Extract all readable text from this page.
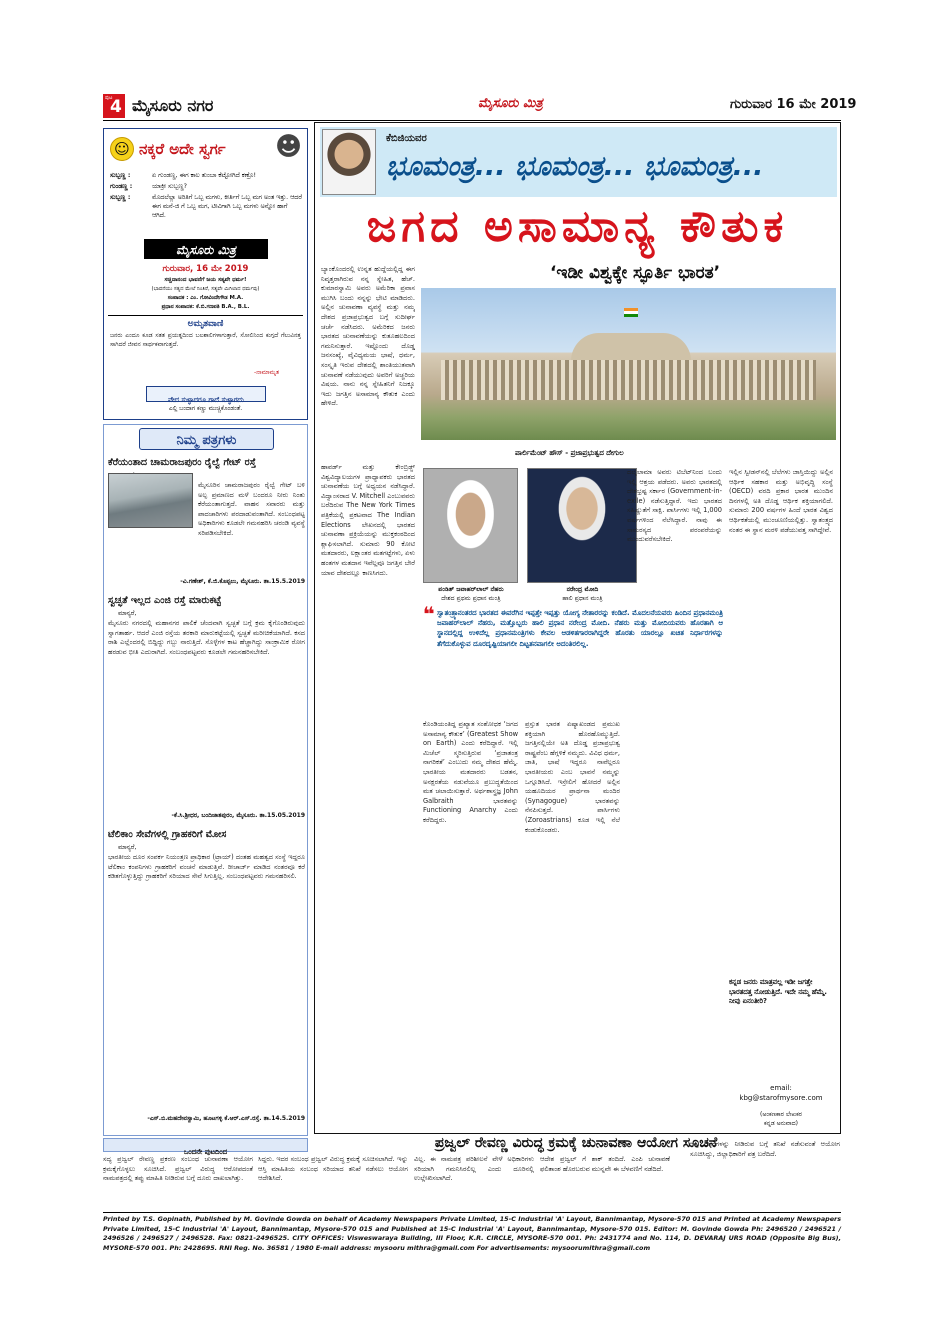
ಪುಟ
4 ಮೈಸೂರು ನಗರ	ಮೈಸೂರು ಮಿತ್ರ	ಗುರುವಾರ 16 ಮೇ 2019
☺ ನಕ್ಕರೆ ಅದೇ ಸ್ವರ್ಗ ☻
ಸುಬ್ಬಣ್ಣ :	ಏ ಗುಂಡಣ್ಣ, ಈಗ ಕಾಲ ತುಂಬಾ ಕೆಟ್ಟೋಗಿದೆ ಕಣ್ರೊ!
ಗುಂಡಣ್ಣ :	ಯಾಕ್ರೀ ಸುಬ್ಬಣ್ಣ?
ಸುಬ್ಬಣ್ಣ :	ಮೊದಲೆಲ್ಲಾ ಅರಿತಿಗೆ ಒಬ್ಬ ಮಗಳು, ಕೀರ್ತಿಗೆ ಒಬ್ಬ ಮಗ ಅಂತ ಇತ್ತು. ಆದರೆ ಈಗ ಮನೆ-ಜಿ ಗೆ ಒಬ್ಬ ಮಗ, ಟೀವಿಗಾಗಿ ಒಬ್ಬ ಮಗಳು ಅನ್ನೋ ಹಾಗೆ ಆಗಿದೆ.
ಮೈಸೂರು ಮಿತ್ರ
ಗುರುವಾರ, 16 ಮೇ 2019
ಸಚ್ಚಿದಾನಂದ ಭಾವನೆಗೆ ಜಯ ಸತ್ಯವೇ ಧರ್ಮ!
(ಭಾವನೆಯು ಸತ್ಯದ ಮೇಲೆ ನಿಂತಿರೆ, ಸತ್ಯವೇ ಮಿಗಿಲಾದ ಧರ್ಮವು)
ಸಂಪಾದಕ : ಎಂ. ಗೋವಿಂದೇಗೌಡ M.A.
ಪ್ರಧಾನ ಸಂಪಾದಕ: ಕೆ.ಬಿ.ಗಣಪತಿ B.A., B.L.
ಅಮೃತವಾಣಿ
ಜನರು ಎಂದೂ ಕೂಡ ಸತತ ಪ್ರಯತ್ನದಿಂದ ಬಲಶಾಲಿಗಳಾಗುತ್ತಾರೆ, ಸೋಲಿನಿಂದ ಕುಗ್ಗದೆ ಗೆಲುವಿನತ್ತ ಸಾಗಿದರೆ ಜೀವನ ಸಾರ್ಥಕವಾಗುತ್ತದೆ.
-ನಾಮಾಮೃತ
ವೇದ ಸುಳ್ಳಾದರೂ ಗಾದೆ ಸುಳ್ಳಾಗದು
ಎಲ್ಲಿ ಬಂದಾಗ ಕಣ್ಣು ಮುಚ್ಚಿಕೊಂಡಂತೆ.
ನಿಮ್ಮ ಪತ್ರಗಳು
ಕೆರೆಯಂತಾದ ಚಾಮರಾಜಪುರಂ ರೈಲ್ವೆ ಗೇಟ್ ರಸ್ತೆ
ಮೈಸೂರಿನ ಚಾಮರಾಜಪುರಂ ರೈಲ್ವೆ ಗೇಟ್ ಬಳಿ ಅಲ್ಪ ಪ್ರಮಾಣದ ಮಳೆ ಬಂದರೂ ನೀರು ನಿಂತು ಕೆರೆಯಂತಾಗುತ್ತದೆ. ವಾಹನ ಸವಾರರು ಮತ್ತು ಪಾದಚಾರಿಗಳು ಪರದಾಡುವಂತಾಗಿದೆ. ಸಂಬಂಧಪಟ್ಟ ಅಧಿಕಾರಿಗಳು ಕೂಡಲೇ ಗಮನಹರಿಸಿ ಚರಂಡಿ ವ್ಯವಸ್ಥೆ ಸರಿಪಡಿಸಬೇಕಿದೆ.
-ವಿ.ಗಣೇಶ್, ಕೆ.ಜಿ.ಕೊಪ್ಪಲು, ಮೈಸೂರು. ತಾ.15.5.2019
ಸ್ವಚ್ಛತೆ ಇಲ್ಲದ ಎಂಜಿ ರಸ್ತೆ ಮಾರುಕಟ್ಟೆ
ಮಾನ್ಯರೆ,
ಮೈಸೂರು ನಗರದಲ್ಲಿ ಮಹಾನಗರ ಪಾಲಿಕೆ ಚೆಂದವಾಗಿ ಸ್ವಚ್ಛತೆ ಬಗ್ಗೆ ಕ್ರಮ ಕೈಗೊಂಡಿರುವುದು ಸ್ವಾಗತಾರ್ಹ. ಆದರೆ ಎಂಜಿ ರಸ್ತೆಯ ತರಕಾರಿ ಮಾರುಕಟ್ಟೆಯಲ್ಲಿ ಸ್ವಚ್ಛತೆ ಮರೀಚಿಕೆಯಾಗಿದೆ. ಕಸದ ರಾಶಿ ಎಲ್ಲೆಂದರಲ್ಲಿ ಬಿದ್ದಿದ್ದು ಗಬ್ಬು ನಾರುತ್ತಿದೆ. ಸೊಳ್ಳೆಗಳ ಕಾಟ ಹೆಚ್ಚಾಗಿದ್ದು ಸಾಂಕ್ರಾಮಿಕ ರೋಗ ಹರಡುವ ಭೀತಿ ಎದುರಾಗಿದೆ. ಸಂಬಂಧಪಟ್ಟವರು ಕೂಡಲೇ ಗಮನಹರಿಸಬೇಕಿದೆ.
-ಕೆ.ಸಿ.ಶ್ರೀಧರ, ಬಂದಿಜಾತಪುರಂ, ಮೈಸೂರು. ತಾ.15.05.2019
ಟೆಲಿಕಾಂ ಸೇವೆಗಳಲ್ಲಿ ಗ್ರಾಹಕರಿಗೆ ಮೋಸ
ಮಾನ್ಯರೆ,
ಭಾರತೀಯ ದೂರ ಸಂಪರ್ಕ ನಿಯಂತ್ರಣ ಪ್ರಾಧಿಕಾರ (ಟ್ರಾಯ್) ದಂತಹ ಮಹತ್ವದ ಸಂಸ್ಥೆ ಇದ್ದರೂ ಟೆಲಿಕಾಂ ಕಂಪನಿಗಳು ಗ್ರಾಹಕರಿಗೆ ವಂಚನೆ ಮಾಡುತ್ತಿವೆ. ರೀಚಾರ್ಜ್ ಮಾಡಿದ ನಂತರವೂ ಕರೆ ಕಡಿತಗೊಳ್ಳುತ್ತಿದ್ದು ಗ್ರಾಹಕರಿಗೆ ಸರಿಯಾದ ಸೇವೆ ಸಿಗುತ್ತಿಲ್ಲ. ಸಂಬಂಧಪಟ್ಟವರು ಗಮನಹರಿಸಲಿ.
-ಎಸ್.ಬಿ.ಮಹದೇವಸ್ವಾಮಿ, ಹೂಟಗಳ್ಳಿ ಕೆ.ಆರ್.ಎಸ್.ರಸ್ತೆ. ತಾ.14.5.2019
ಕೆಬಿಜಿಯವರ
ಭೂಮಂತ್ರ... ಭೂಮಂತ್ರ... ಭೂಮಂತ್ರ...
ಜಗದ ಅಸಾಮಾನ್ಯ ಕೌತುಕ
‘ಇಡೀ ವಿಶ್ವಕ್ಕೇ ಸ್ಫೂರ್ತಿ ಭಾರತ’
ಬ್ಯಾಂಕೊಂದರಲ್ಲಿ ಉನ್ನತ ಹುದ್ದೆಯಲ್ಲಿದ್ದ ಈಗ ನಿವೃತ್ತರಾಗಿರುವ ನನ್ನ ಸ್ನೇಹಿತ, ಹೆಚ್. ಕುಮಾರಸ್ವಾಮಿ ಅವರು ಅಮೆರಿಕಾ ಪ್ರವಾಸ ಮುಗಿಸಿ ಬಂದು ನನ್ನನ್ನು ಭೇಟಿ ಮಾಡಿದರು. ಅಲ್ಲಿನ ಚುನಾವಣಾ ವ್ಯವಸ್ಥೆ ಮತ್ತು ನಮ್ಮ ದೇಶದ ಪ್ರಜಾಪ್ರಭುತ್ವದ ಬಗ್ಗೆ ಸುದೀರ್ಘ ಚರ್ಚೆ ನಡೆಸಿದರು. ಅಮೆರಿಕದ ಜನರು ಭಾರತದ ಚುನಾವಣೆಯನ್ನು ಕುತೂಹಲದಿಂದ ಗಮನಿಸುತ್ತಾರೆ. ಇಷ್ಟೊಂದು ದೊಡ್ಡ ಜನಸಂಖ್ಯೆ, ವೈವಿಧ್ಯಮಯ ಭಾಷೆ, ಧರ್ಮ, ಸಂಸ್ಕೃತಿ ಇರುವ ದೇಶದಲ್ಲಿ ಶಾಂತಿಯುತವಾಗಿ ಚುನಾವಣೆ ನಡೆಯುವುದು ಅವರಿಗೆ ಅಚ್ಚರಿಯ ವಿಷಯ. ನಾನು ನನ್ನ ಸ್ನೇಹಿತನಿಗೆ ನಿಜಕ್ಕೂ ಇದು ಜಗತ್ತಿನ ಅಸಾಮಾನ್ಯ ಕೌತುಕ ಎಂದು ಹೇಳಿದೆ.
ಪಾರ್ಲಿಮೆಂಟ್ ಹೌಸ್ - ಪ್ರಜಾಪ್ರಭುತ್ವದ ದೇಗುಲ
ಹಾವರ್ಡ್ ಮತ್ತು ಕೇಂಬ್ರಿಡ್ಜ್ ವಿಶ್ವವಿದ್ಯಾಲಯಗಳ ಪ್ರಾಧ್ಯಾಪಕರು ಭಾರತದ ಚುನಾವಣೆಯ ಬಗ್ಗೆ ಅಧ್ಯಯನ ನಡೆಸಿದ್ದಾರೆ. ವಿದ್ವಾಂಸರಾದ V. Mitchell ಎಂಬುವವರು ಬರೆದಿರುವ The New York Times ಪತ್ರಿಕೆಯಲ್ಲಿ ಪ್ರಕಟವಾದ The Indian Elections ಲೇಖನದಲ್ಲಿ ಭಾರತದ ಚುನಾವಣಾ ಪ್ರಕ್ರಿಯೆಯನ್ನು ಮುಕ್ತಕಂಠದಿಂದ ಶ್ಲಾಘಿಸಲಾಗಿದೆ. ಸುಮಾರು 90 ಕೋಟಿ ಮತದಾರರು, ಲಕ್ಷಾಂತರ ಮತಗಟ್ಟೆಗಳು, ಏಳು ಹಂತಗಳ ಮತದಾನ ಇವೆಲ್ಲವೂ ಜಗತ್ತಿನ ಬೇರೆ ಯಾವ ದೇಶದಲ್ಲೂ ಕಾಣಸಿಗದು.
ಪಂಡಿತ್ ಜವಾಹರ್‌ಲಾಲ್ ನೆಹರು
ದೇಶದ ಪ್ರಥಮ ಪ್ರಧಾನ ಮಂತ್ರಿ
ನರೇಂದ್ರ ಮೋದಿ
ಹಾಲಿ ಪ್ರಧಾನ ಮಂತ್ರಿ
❝ ಸ್ವಾತಂತ್ರ್ಯಾನಂತರದ ಭಾರತದ ಈವರೆಗಿನ ಇಪ್ಪತ್ತೇ ಇಪ್ಪತ್ತು ಯೋಗ್ಯ ನೇತಾರರನ್ನು ಕಂಡಿದೆ. ಮೊದಲನೆಯವರು ಹಿಂದಿನ ಪ್ರಧಾನಮಂತ್ರಿ ಜವಾಹರ್‌ಲಾಲ್ ನೆಹರು, ಮತ್ತೊಬ್ಬರು ಹಾಲಿ ಪ್ರಧಾನ ನರೇಂದ್ರ ಮೋದಿ. ನೆಹರು ಮತ್ತು ಮೋದಿಯವರು ಹೊರತಾಗಿ ಆ ಸ್ಥಾನದಲ್ಲಿದ್ದ ಉಳಿದೆಲ್ಲ ಪ್ರಧಾನಮಂತ್ರಿಗಳು ಕೇವಲ ಆಡಳಿತಗಾರರಾಗಿದ್ದರೇ ಹೊರತು ಯಾರಲ್ಲೂ ಖಚಿತ ನಿರ್ಧಾರಗಳನ್ನು ತೆಗೆದುಕೊಳ್ಳುವ ದೂರದೃಷ್ಟಿಯಾಗಲೀ ದಿಟ್ಟತನವಾಗಲೀ ಅದಂತಿರಲಿಲ್ಲ.
ಕೊಂಡಿಯಂತಿದ್ದ ಪ್ರಖ್ಯಾತ ಸಂಶೋಧಕ ‘ಜಗದ ಅಸಾಮಾನ್ಯ ಕೌತುಕ’ (Greatest Show on Earth) ಎಂದು ಕರೆದಿದ್ದಾರೆ. ಇಲ್ಲಿ ಮಿಚೆಲ್ ಸ್ಮರಿಸುತ್ತಿರುವ ‘ಪ್ರಜಾತಂತ್ರ ನಾಗರಿಕತೆ’ ಎಂಬುದು ನಮ್ಮ ದೇಶದ ಹೆಮ್ಮೆ. ಭಾರತೀಯ ಮತದಾರರು ಬಡತನ, ಅನಕ್ಷರತೆಯ ನಡುವೆಯೂ ಪ್ರಬುದ್ಧತೆಯಿಂದ ಮತ ಚಲಾಯಿಸುತ್ತಾರೆ. ಅರ್ಥಶಾಸ್ತ್ರಜ್ಞ John Galbraith ಭಾರತವನ್ನು Functioning Anarchy ಎಂದು ಕರೆದಿದ್ದರು.
ಪ್ರಸ್ತುತ ಭಾರತ ಏಷ್ಯಾಖಂಡದ ಪ್ರಮುಖ ಶಕ್ತಿಯಾಗಿ ಹೊರಹೊಮ್ಮುತ್ತಿದೆ. ಜಗತ್ತಿನಲ್ಲಿಯೇ ಅತಿ ದೊಡ್ಡ ಪ್ರಜಾಪ್ರಭುತ್ವ ರಾಷ್ಟ್ರವೆಂಬ ಹೆಗ್ಗಳಿಕೆ ನಮ್ಮದು. ವಿವಿಧ ಧರ್ಮ, ಜಾತಿ, ಭಾಷೆ ಇದ್ದರೂ ನಾವೆಲ್ಲರೂ ಭಾರತೀಯರು ಎಂಬ ಭಾವನೆ ನಮ್ಮನ್ನು ಒಗ್ಗೂಡಿಸಿದೆ. ಇಸ್ರೇಲಿಗೆ ಹೋದರೆ ಅಲ್ಲಿನ ಯಹೂದಿಯರ ಪ್ರಾರ್ಥನಾ ಮಂದಿರ (Synagogue) ಭಾರತವನ್ನು ನೆನಪಿಸುತ್ತದೆ. ಪಾರ್ಸಿಗಳು (Zoroastrians) ಕೂಡ ಇಲ್ಲಿ ನೆಲೆ ಕಂಡುಕೊಂಡರು.
ದಲೈಲಾಮಾ ಅವರು ಟಿಬೆಟ್‌ನಿಂದ ಬಂದು ಇಲ್ಲಿ ಆಶ್ರಯ ಪಡೆದರು. ಅವರು ಭಾರತದಲ್ಲಿ ದೇಶಭ್ರಷ್ಟ ಸರ್ಕಾರ (Government-in-exile) ನಡೆಸುತ್ತಿದ್ದಾರೆ. ಇದು ಭಾರತದ ಸಹಿಷ್ಣುತೆಗೆ ಸಾಕ್ಷಿ. ಪಾರ್ಸಿಗಳು ಇಲ್ಲಿ 1,000 ವರ್ಷಗಳಿಂದ ನೆಲೆಸಿದ್ದಾರೆ. ನಾವು ಈ ಸಾಮರಸ್ಯದ ಪರಂಪರೆಯನ್ನು ಮುಂದುವರೆಸಬೇಕಿದೆ.
ಇಲ್ಲಿನ ಸ್ವೀಡನ್‌ನಲ್ಲಿ ಬೆಲೆಗಳು ಜಾಸ್ತಿಯಿದ್ದು ಅಲ್ಲಿನ ಆರ್ಥಿಕ ಸಹಕಾರ ಮತ್ತು ಅಭಿವೃದ್ಧಿ ಸಂಸ್ಥೆ (OECD) ವರದಿ ಪ್ರಕಾರ ಭಾರತ ಮುಂದಿನ ದಿನಗಳಲ್ಲಿ ಅತಿ ದೊಡ್ಡ ಆರ್ಥಿಕ ಶಕ್ತಿಯಾಗಲಿದೆ. ಸುಮಾರು 200 ವರ್ಷಗಳ ಹಿಂದೆ ಭಾರತ ವಿಶ್ವದ ಆರ್ಥಿಕತೆಯಲ್ಲಿ ಮುಂಚೂಣಿಯಲ್ಲಿತ್ತು. ಸ್ವಾತಂತ್ರ್ಯದ ನಂತರ ಈ ಸ್ಥಾನ ಮರಳಿ ಪಡೆಯುವತ್ತ ಸಾಗಿದ್ದೇವೆ.
ಕನ್ನಡ ಜನರು ಮಾತ್ರವಲ್ಲ ಇಡೀ ಜಗತ್ತೇ ಭಾರತದತ್ತ ನೋಡುತ್ತಿದೆ. ಇದೇ ನಮ್ಮ ಹೆಮ್ಮೆ. ನೀವು ಏನಂತೀರಿ?
email: kbg@starofmysore.com
(ಅಂಕಣಕಾರ ಲೇಖಕರ
ಕನ್ನಡ ಅನುವಾದ)
ಒಂದನೇ ಪುಟದಿಂದ
ಪ್ರಜ್ವಲ್ ರೇವಣ್ಣ ವಿರುದ್ಧ ಕ್ರಮಕ್ಕೆ ಚುನಾವಣಾ ಆಯೋಗ ಸೂಚನೆ
ಸದ್ಯ ಪ್ರಜ್ವಲ್ ರೇವಣ್ಣ ಪ್ರಕರಣ ಸಂಬಂಧ ಚುನಾವಣಾ ಆಯೋಗ ಕ್ರಮಕೈಗೊಳ್ಳಲು ಸೂಚಿಸಿದೆ. ಪ್ರಜ್ವಲ್ ವಿರುದ್ಧ ಆರೋಪದಂತೆ ನಾಮಪತ್ರದಲ್ಲಿ ತಪ್ಪು ಮಾಹಿತಿ ನೀಡಿರುವ ಬಗ್ಗೆ ದೂರು ದಾಖಲಾಗಿತ್ತು.
ಸಿದ್ದರು. ಇದರ ಸಂಬಂಧ ಪ್ರಜ್ವಲ್ ವಿರುದ್ಧ ಕ್ರಮಕ್ಕೆ ಸೂಚಿಸಲಾಗಿದೆ. ಇನ್ನು ಆಸ್ತಿ ಮಾಹಿತಿಯ ಸಂಬಂಧ ಸರಿಯಾದ ತನಿಖೆ ನಡೆಸಲು ಆಯೋಗ ಆದೇಶಿಸಿದೆ.
ವಿಲ್ಲ. ಈ ನಾಮಪತ್ರ ಪರಿಶೀಲನೆ ವೇಳೆ ಅಧಿಕಾರಿಗಳು ಸರಿಯಾಗಿ ಗಮನಿಸಿರಲಿಲ್ಲ ಎಂದು ದೂರಿನಲ್ಲಿ ಉಲ್ಲೇಖಿಸಲಾಗಿದೆ.
ಆದೇಶ ಪ್ರಜ್ವಲ್ ಗೆ ಶಾಕ್ ತಂದಿದೆ. ಎಂಪಿ ಚುನಾವಣೆ ಫಲಿತಾಂಶ ಹೊರಬರುವ ಮುನ್ನವೇ ಈ ಬೆಳವಣಿಗೆ ನಡೆದಿದೆ.
ಆಸ್ತಿ ವಿವರಗಳನ್ನು ನೀಡಿರುವ ಬಗ್ಗೆ ತನಿಖೆ ನಡೆಸುವಂತೆ ಆಯೋಗ ಸೂಚಿಸಿದ್ದು, ಜಿಲ್ಲಾಧಿಕಾರಿಗೆ ಪತ್ರ ಬರೆದಿದೆ.
Printed by T.S. Gopinath, Published by M. Govinde Gowda on behalf of Academy Newspapers Private Limited, 15-C Industrial 'A' Layout, Bannimantap, Mysore-570 015 and Printed at Academy Newspapers Private Limited, 15-C Industrial 'A' Layout, Bannimantap, Mysore-570 015 and Published at 15-C Industrial 'A' Layout, Bannimantap, Mysore-570 015. Editor: M. Govinde Gowda Ph: 2496520 / 2496521 / 2496526 / 2496527 / 2496528. Fax: 0821-2496525. CITY OFFICES: Visweswaraya Building, III Floor, K.R. CIRCLE, MYSORE-570 001. Ph: 2431774 and No. 114, D. DEVARAJ URS ROAD (Opposite Big Bus), MYSORE-570 001. Ph: 2428695. RNI Reg. No. 36581 / 1980 E-mail address: mysooru mithra@gmail.com For advertisements: mysoorumithra@gmail.com
